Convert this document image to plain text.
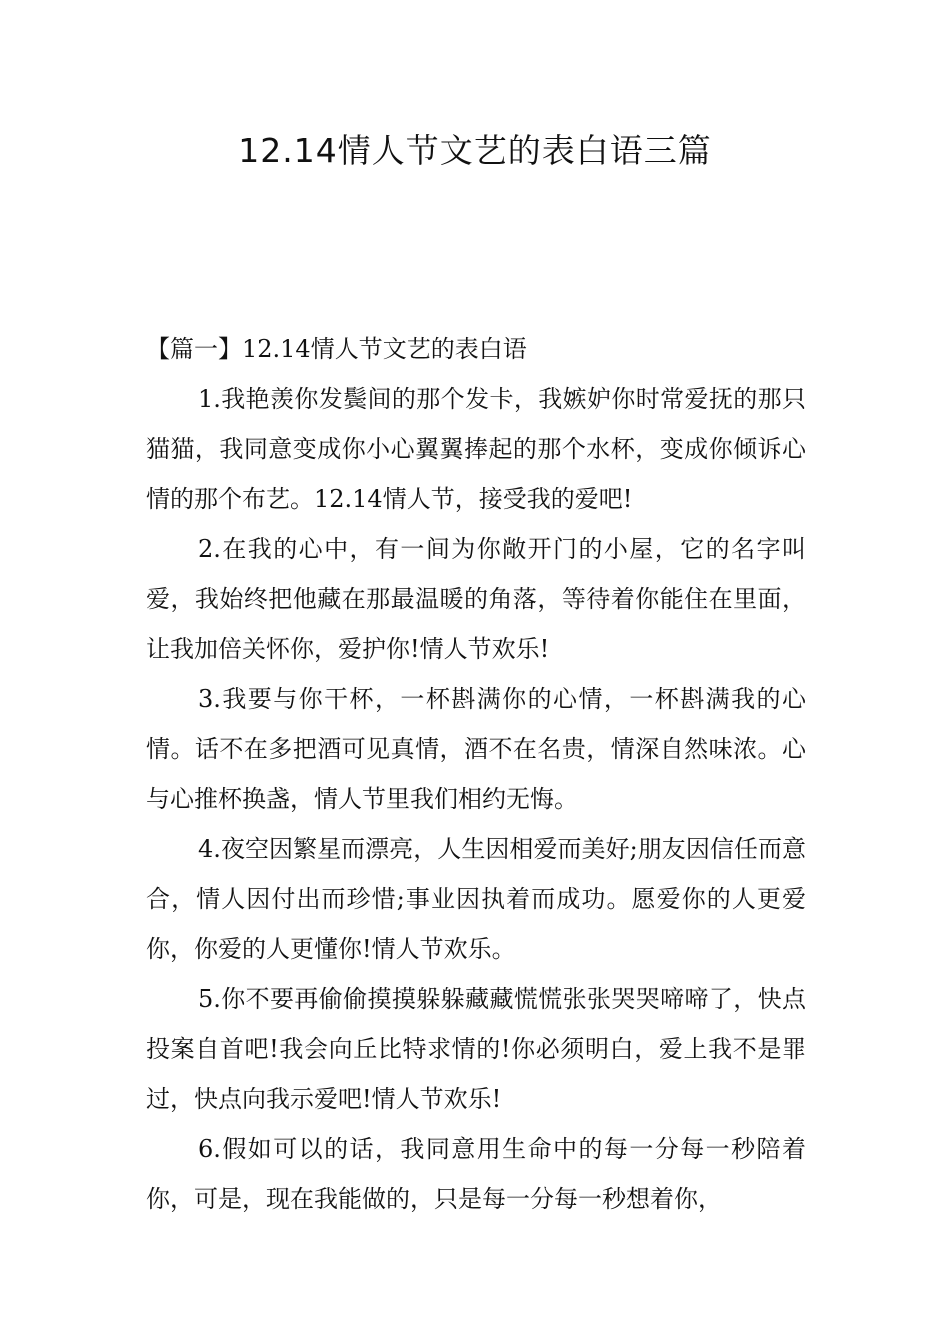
12.14情人节文艺的表白语三篇

【篇一】12.14情人节文艺的表白语

1.我艳羡你发鬓间的那个发卡，我嫉妒你时常爱抚的那只猫猫，我同意变成你小心翼翼捧起的那个水杯，变成你倾诉心情的那个布艺。12.14情人节，接受我的爱吧!

2.在我的心中，有一间为你敞开门的小屋，它的名字叫爱，我始终把他藏在那最温暖的角落，等待着你能住在里面，让我加倍关怀你，爱护你!情人节欢乐!

3.我要与你干杯，一杯斟满你的心情，一杯斟满我的心情。话不在多把酒可见真情，酒不在名贵，情深自然味浓。心与心推杯换盏，情人节里我们相约无悔。

4.夜空因繁星而漂亮，人生因相爱而美好;朋友因信任而意合，情人因付出而珍惜;事业因执着而成功。愿爱你的人更爱你，你爱的人更懂你!情人节欢乐。

5.你不要再偷偷摸摸躲躲藏藏慌慌张张哭哭啼啼了，快点投案自首吧!我会向丘比特求情的!你必须明白，爱上我不是罪过，快点向我示爱吧!情人节欢乐!

6.假如可以的话，我同意用生命中的每一分每一秒陪着你，可是，现在我能做的，只是每一分每一秒想着你，
